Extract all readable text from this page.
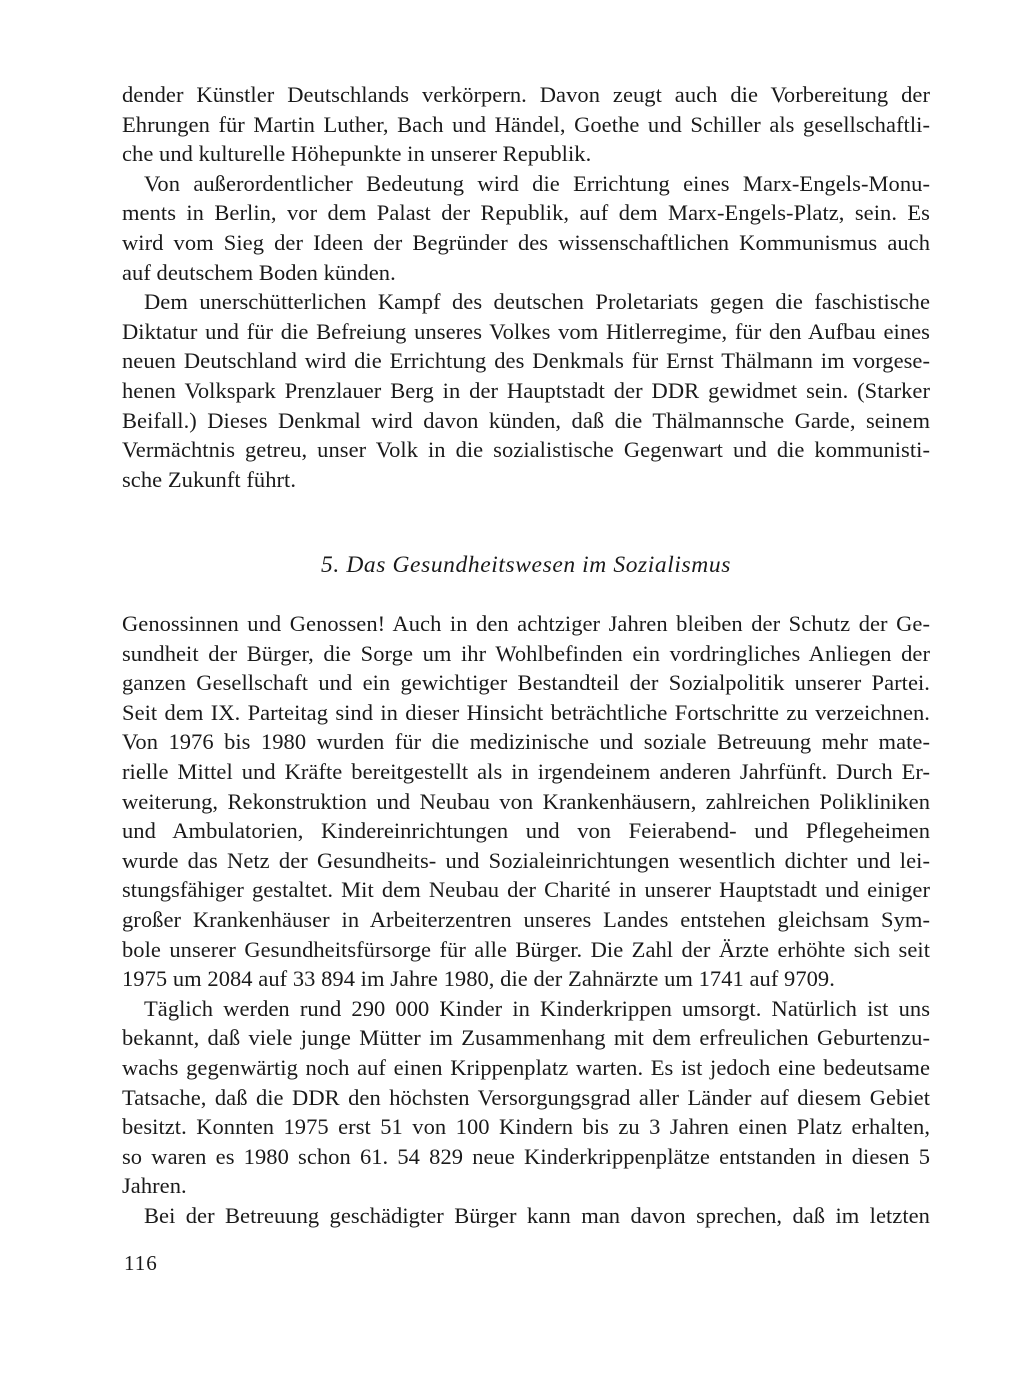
dender Künstler Deutschlands verkörpern. Davon zeugt auch die Vorbereitung der
Ehrungen für Martin Luther, Bach und Händel, Goethe und Schiller als gesellschaftli-
che und kulturelle Höhepunkte in unserer Republik.
Von außerordentlicher Bedeutung wird die Errichtung eines Marx-Engels-Monu-
ments in Berlin, vor dem Palast der Republik, auf dem Marx-Engels-Platz, sein. Es
wird vom Sieg der Ideen der Begründer des wissenschaftlichen Kommunismus auch
auf deutschem Boden künden.
Dem unerschütterlichen Kampf des deutschen Proletariats gegen die faschistische
Diktatur und für die Befreiung unseres Volkes vom Hitlerregime, für den Aufbau eines
neuen Deutschland wird die Errichtung des Denkmals für Ernst Thälmann im vorgese-
henen Volkspark Prenzlauer Berg in der Hauptstadt der DDR gewidmet sein. (Starker
Beifall.) Dieses Denkmal wird davon künden, daß die Thälmannsche Garde, seinem
Vermächtnis getreu, unser Volk in die sozialistische Gegenwart und die kommunisti-
sche Zukunft führt.
5. Das Gesundheitswesen im Sozialismus
Genossinnen und Genossen! Auch in den achtziger Jahren bleiben der Schutz der Ge-
sundheit der Bürger, die Sorge um ihr Wohlbefinden ein vordringliches Anliegen der
ganzen Gesellschaft und ein gewichtiger Bestandteil der Sozialpolitik unserer Partei.
Seit dem IX. Parteitag sind in dieser Hinsicht beträchtliche Fortschritte zu verzeichnen.
Von 1976 bis 1980 wurden für die medizinische und soziale Betreuung mehr mate-
rielle Mittel und Kräfte bereitgestellt als in irgendeinem anderen Jahrfünft. Durch Er-
weiterung, Rekonstruktion und Neubau von Krankenhäusern, zahlreichen Polikliniken
und Ambulatorien, Kindereinrichtungen und von Feierabend- und Pflegeheimen
wurde das Netz der Gesundheits- und Sozialeinrichtungen wesentlich dichter und lei-
stungsfähiger gestaltet. Mit dem Neubau der Charité in unserer Hauptstadt und einiger
großer Krankenhäuser in Arbeiterzentren unseres Landes entstehen gleichsam Sym-
bole unserer Gesundheitsfürsorge für alle Bürger. Die Zahl der Ärzte erhöhte sich seit
1975 um 2084 auf 33 894 im Jahre 1980, die der Zahnärzte um 1741 auf 9709.
Täglich werden rund 290 000 Kinder in Kinderkrippen umsorgt. Natürlich ist uns
bekannt, daß viele junge Mütter im Zusammenhang mit dem erfreulichen Geburtenzu-
wachs gegenwärtig noch auf einen Krippenplatz warten. Es ist jedoch eine bedeutsame
Tatsache, daß die DDR den höchsten Versorgungsgrad aller Länder auf diesem Gebiet
besitzt. Konnten 1975 erst 51 von 100 Kindern bis zu 3 Jahren einen Platz erhalten,
so waren es 1980 schon 61. 54 829 neue Kinderkrippenplätze entstanden in diesen 5
Jahren.
Bei der Betreuung geschädigter Bürger kann man davon sprechen, daß im letzten
116
